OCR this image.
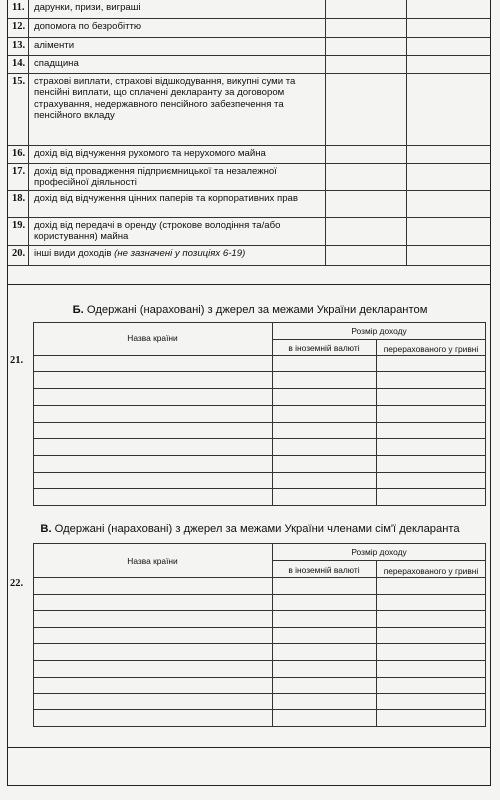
11. дарунки, призи, виграші
12. допомога по безробіттю
13. аліменти
14. спадщина
15. страхові виплати, страхові відшкодування, викупні суми та пенсійні виплати, що сплачені декларанту за договором страхування, недержавного пенсійного забезпечення та пенсійного вкладу
16. дохід від відчуження рухомого та нерухомого майна
17. дохід від провадження підприємницької та незалежної професійної діяльності
18. дохід від відчуження цінних паперів та корпоративних прав
19. дохід від передачі в оренду (строкове володіння та/або користування) майна
20. інші види доходів (не зазначені у позиціях 6-19)
Б. Одержані (нараховані) з джерел за межами України декларантом
21.
Назва країни
Розмір доходу
в іноземній валюті	перерахованого у гривні
В. Одержані (нараховані) з джерел за межами України членами сім'ї декларанта
22.
Назва країни
Розмір доходу
в іноземній валюті	перерахованого у гривні
